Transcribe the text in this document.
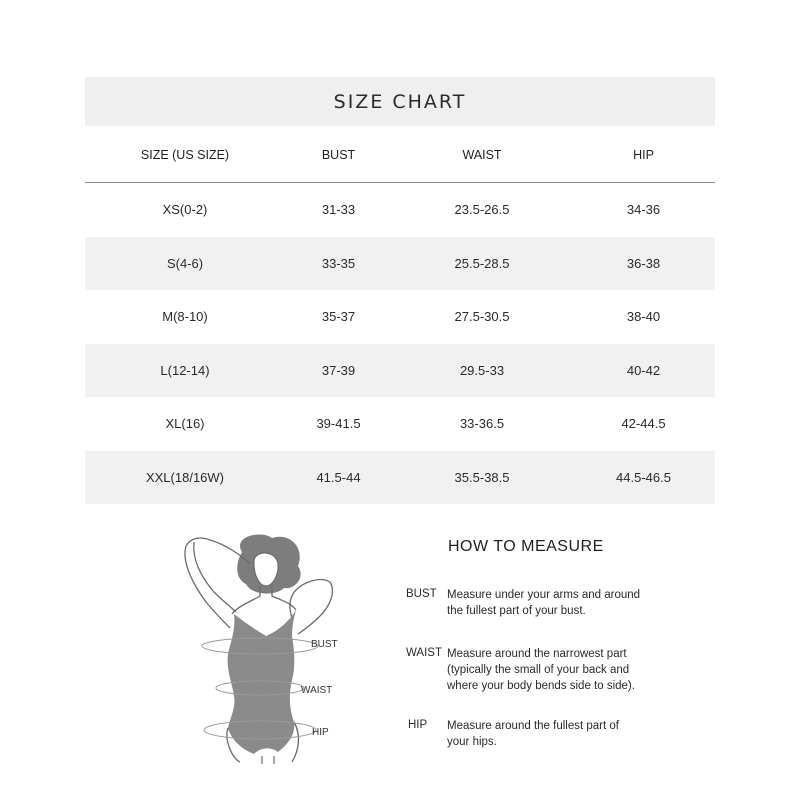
SIZE CHART
SIZE (US SIZE)	BUST	WAIST	HIP
XS(0-2)	31-33	23.5-26.5	34-36
S(4-6)	33-35	25.5-28.5	36-38
M(8-10)	35-37	27.5-30.5	38-40
L(12-14)	37-39	29.5-33	40-42
XL(16)	39-41.5	33-36.5	42-44.5
XXL(18/16W)	41.5-44	35.5-38.5	44.5-46.5
BUST
WAIST
HIP
HOW TO MEASURE
BUST Measure under your arms and around
the fullest part of your bust.
WAIST Measure around the narrowest part
(typically the small of your back and
where your body bends side to side).
HIP Measure around the fullest part of
your hips.
